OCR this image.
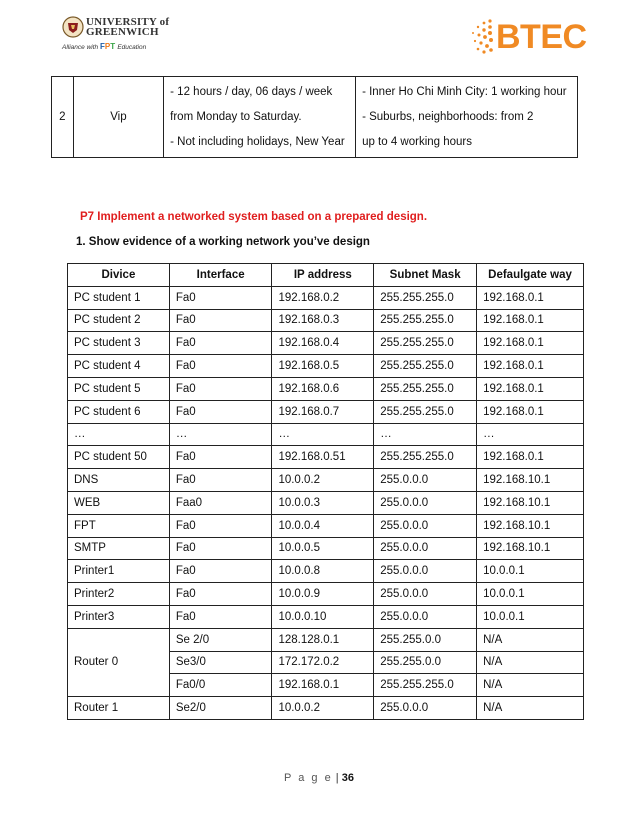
UNIVERSITY of GREENWICH
Alliance with FPT Education	BTEC
2	Vip	
- 12 hours / day, 06 days / week
from Monday to Saturday.
- Not including holidays, New Year

- Inner Ho Chi Minh City: 1 working hour
- Suburbs, neighborhoods: from 2
up to 4 working hours
P7 Implement a networked system based on a prepared design.
1. Show evidence of a working network you’ve design
Divice	Interface	IP address	Subnet Mask	Defaulgate way
PC student 1	Fa0	192.168.0.2	255.255.255.0	192.168.0.1
PC student 2	Fa0	192.168.0.3	255.255.255.0	192.168.0.1
PC student 3	Fa0	192.168.0.4	255.255.255.0	192.168.0.1
PC student 4	Fa0	192.168.0.5	255.255.255.0	192.168.0.1
PC student 5	Fa0	192.168.0.6	255.255.255.0	192.168.0.1
PC student 6	Fa0	192.168.0.7	255.255.255.0	192.168.0.1
…	…	…	…	…
PC student 50	Fa0	192.168.0.51	255.255.255.0	192.168.0.1
DNS	Fa0	10.0.0.2	255.0.0.0	192.168.10.1
WEB	Faa0	10.0.0.3	255.0.0.0	192.168.10.1
FPT	Fa0	10.0.0.4	255.0.0.0	192.168.10.1
SMTP	Fa0	10.0.0.5	255.0.0.0	192.168.10.1
Printer1	Fa0	10.0.0.8	255.0.0.0	10.0.0.1
Printer2	Fa0	10.0.0.9	255.0.0.0	10.0.0.1
Printer3	Fa0	10.0.0.10	255.0.0.0	10.0.0.1
Router 0	Se 2/0	128.128.0.1	255.255.0.0	N/A
	Se3/0	172.172.0.2	255.255.0.0	N/A
	Fa0/0	192.168.0.1	255.255.255.0	N/A
Router 1	Se2/0	10.0.0.2	255.0.0.0	N/A
P a g e | 36
